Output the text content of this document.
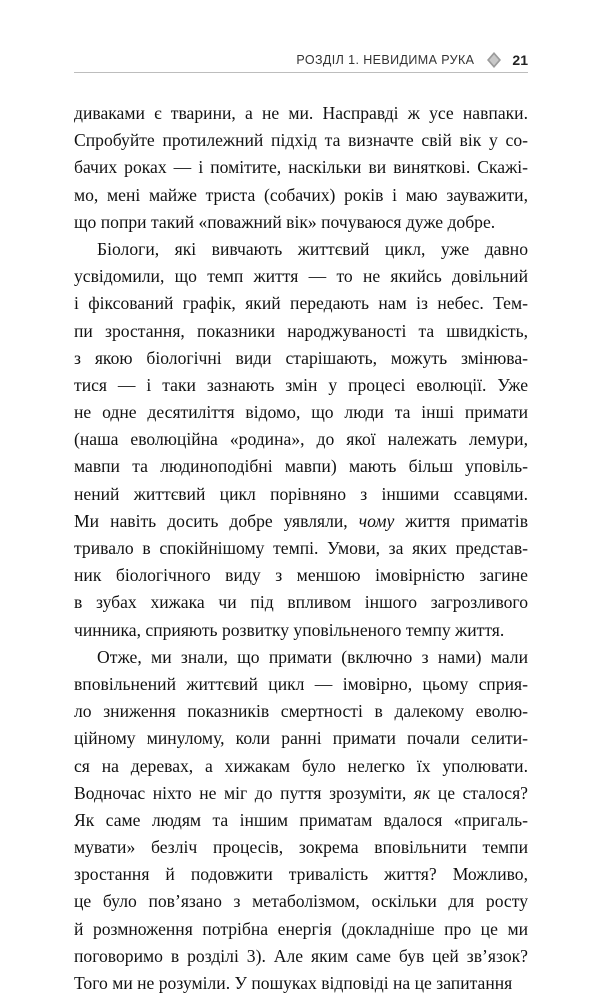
РОЗДІЛ 1. НЕВИДИМА РУКА	21
диваками є тварини, а не ми. Насправді ж усе навпаки.
Спробуйте протилежний підхід та визначте свій вік у со-
бачих роках — і помітите, наскільки ви виняткові. Скажі-
мо, мені майже триста (собачих) років і маю зауважити,
що попри такий «поважний вік» почуваюся дуже добре.
Біологи, які вивчають життєвий цикл, уже давно
усвідомили, що темп життя — то не якийсь довільний
і фіксований графік, який передають нам із небес. Тем-
пи зростання, показники народжуваності та швидкість,
з якою біологічні види старішають, можуть змінюва-
тися — і таки зазнають змін у процесі еволюції. Уже
не одне десятиліття відомо, що люди та інші примати
(наша еволюційна «родина», до якої належать лемури,
мавпи та людиноподібні мавпи) мають більш уповіль-
нений життєвий цикл порівняно з іншими ссавцями.
Ми навіть досить добре уявляли, чому життя приматів
тривало в спокійнішому темпі. Умови, за яких представ-
ник біологічного виду з меншою імовірністю загине
в зубах хижака чи під впливом іншого загрозливого
чинника, сприяють розвитку уповільненого темпу життя.
Отже, ми знали, що примати (включно з нами) мали
вповільнений життєвий цикл — імовірно, цьому сприя-
ло зниження показників смертності в далекому еволю-
ційному минулому, коли ранні примати почали селити-
ся на деревах, а хижакам було нелегко їх уполювати.
Водночас ніхто не міг до пуття зрозуміти, як це сталося?
Як саме людям та іншим приматам вдалося «пригаль-
мувати» безліч процесів, зокрема вповільнити темпи
зростання й подовжити тривалість життя? Можливо,
це було пов’язано з метаболізмом, оскільки для росту
й розмноження потрібна енергія (докладніше про це ми
поговоримо в розділі 3). Але яким саме був цей зв’язок?
Того ми не розуміли. У пошуках відповіді на це запитання
